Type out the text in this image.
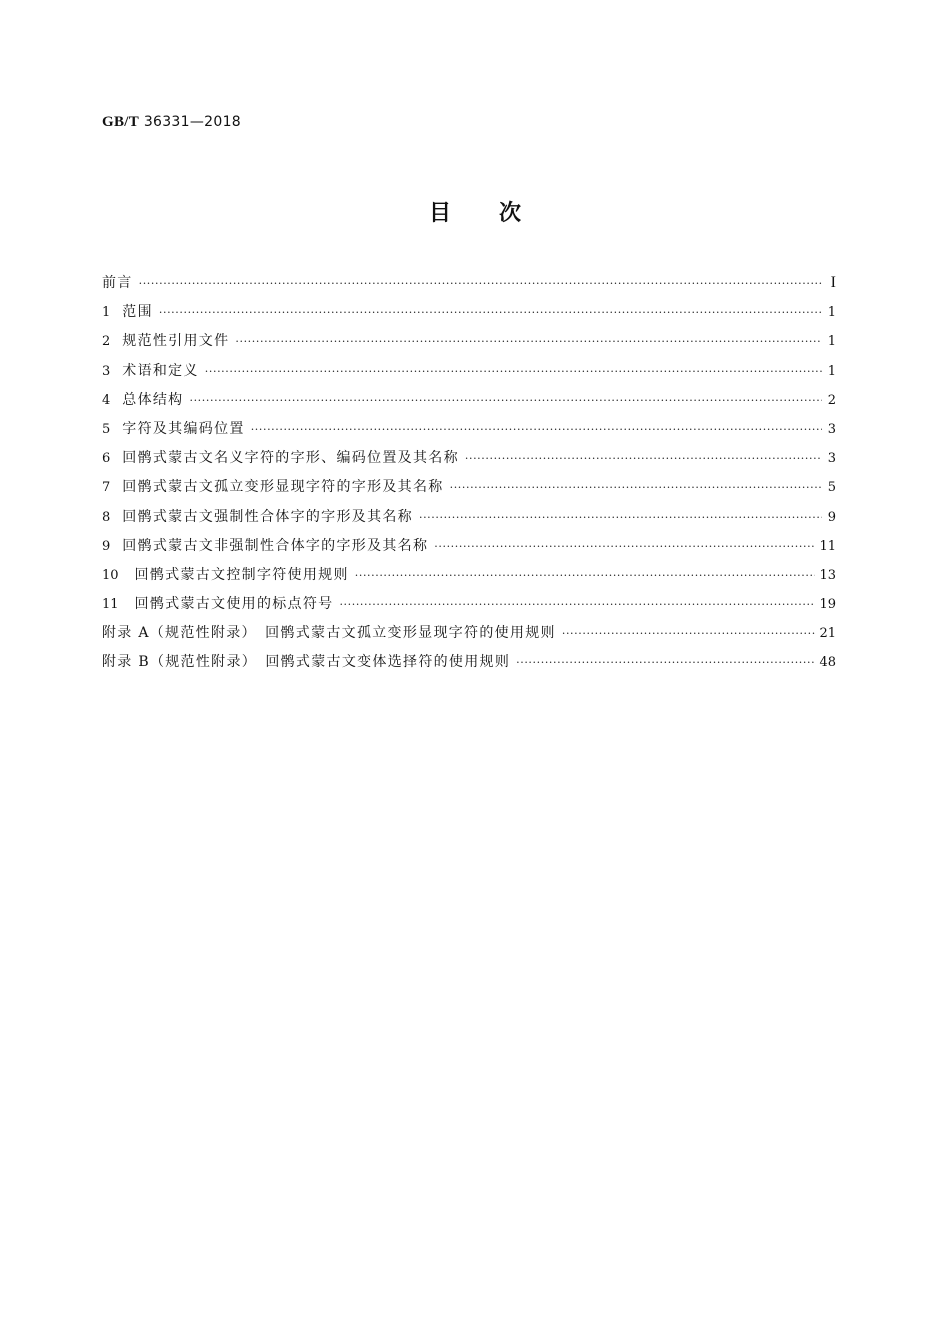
GB/T 36331—2018
目次
前言 ·····	I
1 范围 ·····	1
2 规范性引用文件 ·····	1
3 术语和定义 ·····	1
4 总体结构 ·····	2
5 字符及其编码位置 ·····	3
6 回鹘式蒙古文名义字符的字形、编码位置及其名称 ·····	3
7 回鹘式蒙古文孤立变形显现字符的字形及其名称 ·····	5
8 回鹘式蒙古文强制性合体字的字形及其名称 ·····	9
9 回鹘式蒙古文非强制性合体字的字形及其名称 ·····	11
10	回鹘式蒙古文控制字符使用规则 ·····	13
11	回鹘式蒙古文使用的标点符号 ·····	19
附录 A（规范性附录）　回鹘式蒙古文孤立变形显现字符的使用规则 ·····	21
附录 B（规范性附录）　回鹘式蒙古文变体选择符的使用规则 ·····	48
